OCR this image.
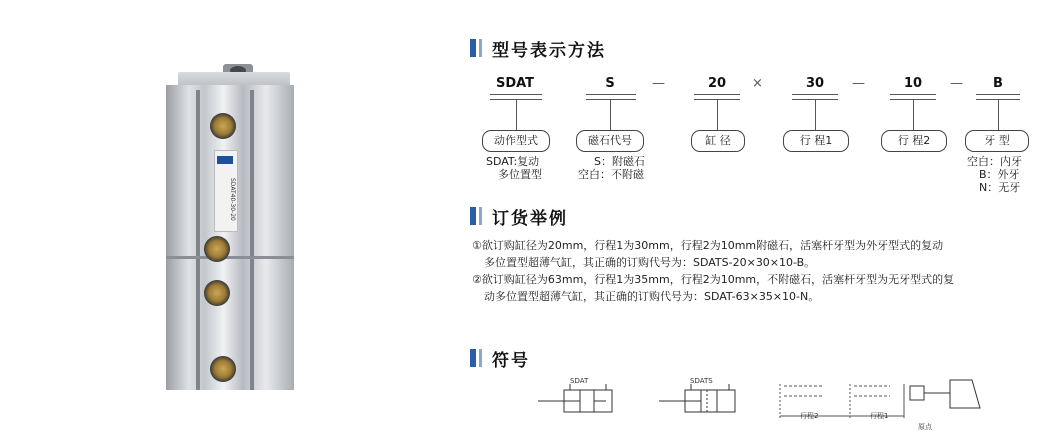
SDAT40-30-20
型号表示方法
SDAT	S	20	30	10	B
—	×	—	—
动作型式	磁石代号	缸 径	行 程1	行 程2	牙 型
SDAT:复动
多位置型
S：附磁石
空白：不附磁
空白：内牙
B：外牙
N：无牙
订货举例
①欲订购缸径为20mm，行程1为30mm，行程2为10mm附磁石，活塞杆牙型为外牙型式的复动
多位置型超薄气缸，其正确的订购代号为：SDATS-20×30×10-B。
②欲订购缸径为63mm，行程1为35mm，行程2为10mm，不附磁石，活塞杆牙型为无牙型式的复
动多位置型超薄气缸，其正确的订购代号为：SDAT-63×35×10-N。
符号
SDAT	SDATS
行程2	行程1
原点
